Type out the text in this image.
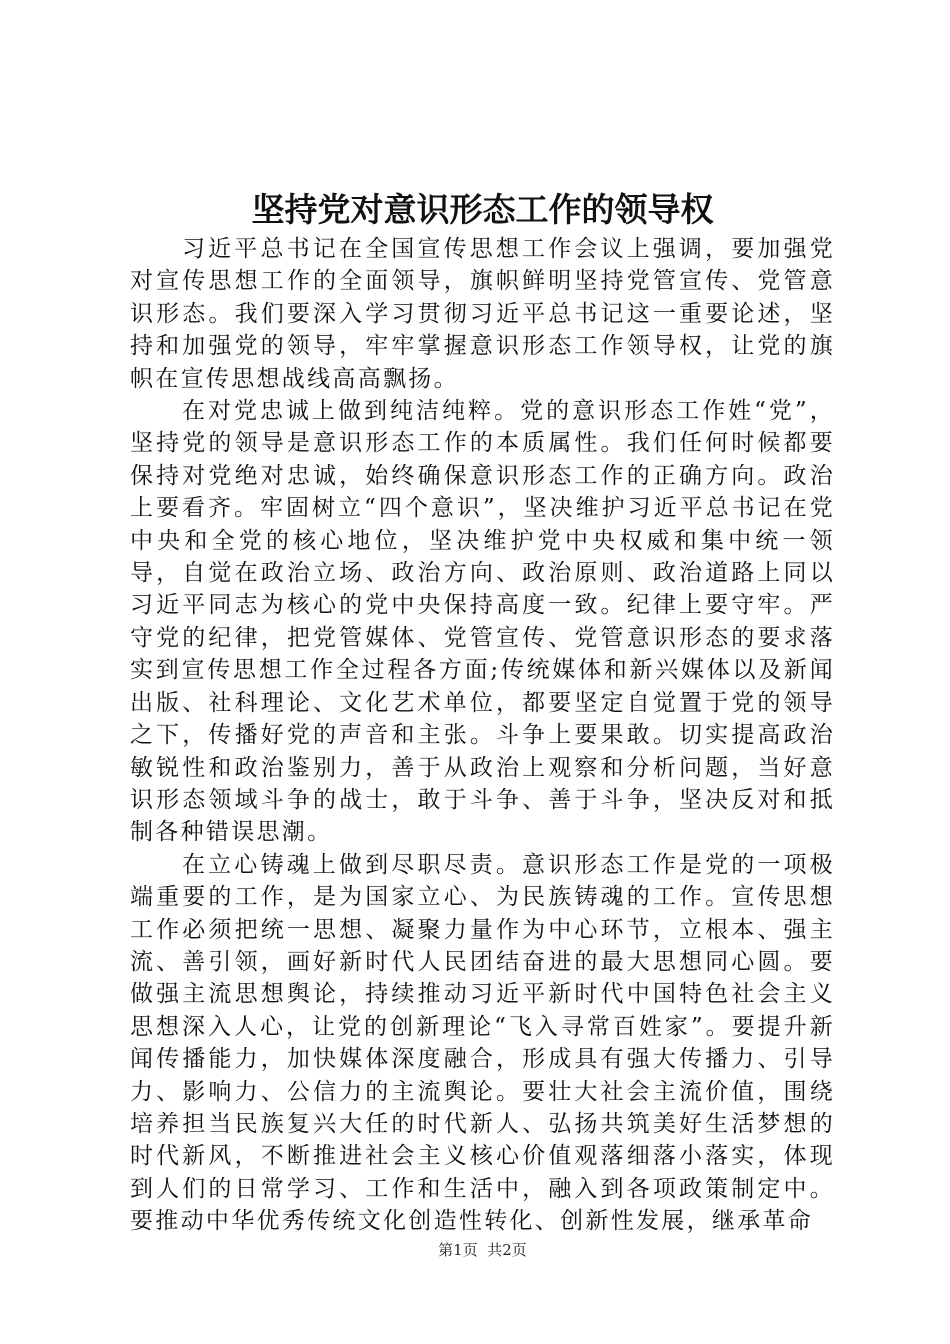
坚持党对意识形态工作的领导权

习近平总书记在全国宣传思想工作会议上强调，要加强党对宣传思想工作的全面领导，旗帜鲜明坚持党管宣传、党管意识形态。我们要深入学习贯彻习近平总书记这一重要论述，坚持和加强党的领导，牢牢掌握意识形态工作领导权，让党的旗帜在宣传思想战线高高飘扬。

在对党忠诚上做到纯洁纯粹。党的意识形态工作姓“党”，坚持党的领导是意识形态工作的本质属性。我们任何时候都要保持对党绝对忠诚，始终确保意识形态工作的正确方向。政治上要看齐。牢固树立“四个意识”，坚决维护习近平总书记在党中央和全党的核心地位，坚决维护党中央权威和集中统一领导，自觉在政治立场、政治方向、政治原则、政治道路上同以习近平同志为核心的党中央保持高度一致。纪律上要守牢。严守党的纪律，把党管媒体、党管宣传、党管意识形态的要求落实到宣传思想工作全过程各方面;传统媒体和新兴媒体以及新闻出版、社科理论、文化艺术单位，都要坚定自觉置于党的领导之下，传播好党的声音和主张。斗争上要果敢。切实提高政治敏锐性和政治鉴别力，善于从政治上观察和分析问题，当好意识形态领域斗争的战士，敢于斗争、善于斗争，坚决反对和抵制各种错误思潮。

在立心铸魂上做到尽职尽责。意识形态工作是党的一项极端重要的工作，是为国家立心、为民族铸魂的工作。宣传思想工作必须把统一思想、凝聚力量作为中心环节，立根本、强主流、善引领，画好新时代人民团结奋进的最大思想同心圆。要做强主流思想舆论，持续推动习近平新时代中国特色社会主义思想深入人心，让党的创新理论“飞入寻常百姓家”。要提升新闻传播能力，加快媒体深度融合，形成具有强大传播力、引导力、影响力、公信力的主流舆论。要壮大社会主流价值，围绕培养担当民族复兴大任的时代新人、弘扬共筑美好生活梦想的时代新风，不断推进社会主义核心价值观落细落小落实，体现到人们的日常学习、工作和生活中，融入到各项政策制定中。要推动中华优秀传统文化创造性转化、创新性发展，继承革命

第1页 共2页
